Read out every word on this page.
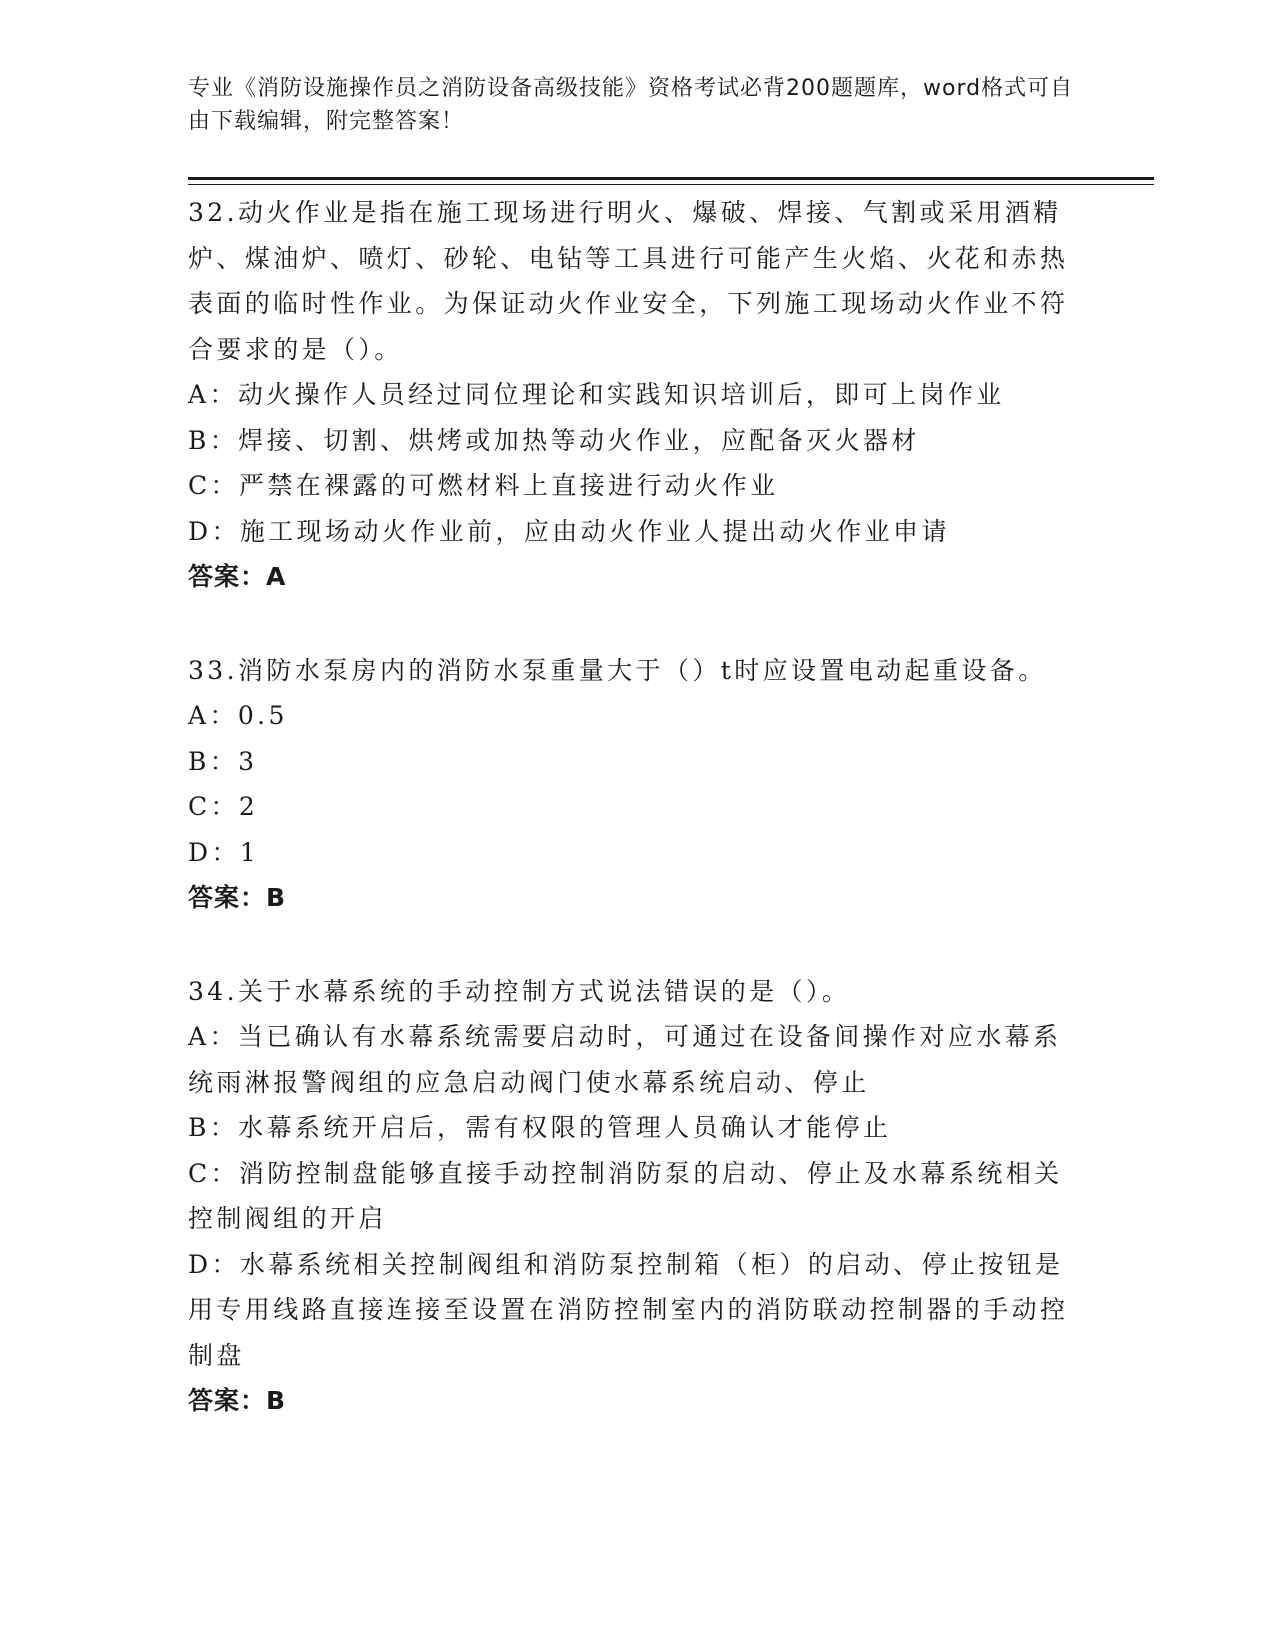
专业《消防设施操作员之消防设备高级技能》资格考试必背200题题库，word格式可自由下载编辑，附完整答案！
32.动火作业是指在施工现场进行明火、爆破、焊接、气割或采用酒精炉、煤油炉、喷灯、砂轮、电钻等工具进行可能产生火焰、火花和赤热表面的临时性作业。为保证动火作业安全，下列施工现场动火作业不符合要求的是（）。
A：动火操作人员经过同位理论和实践知识培训后，即可上岗作业
B：焊接、切割、烘烤或加热等动火作业，应配备灭火器材
C：严禁在裸露的可燃材料上直接进行动火作业
D：施工现场动火作业前，应由动火作业人提出动火作业申请
答案：A
33.消防水泵房内的消防水泵重量大于（）t时应设置电动起重设备。
A：0.5
B：3
C：2
D：1
答案：B
34.关于水幕系统的手动控制方式说法错误的是（）。
A：当已确认有水幕系统需要启动时，可通过在设备间操作对应水幕系统雨淋报警阀组的应急启动阀门使水幕系统启动、停止
B：水幕系统开启后，需有权限的管理人员确认才能停止
C：消防控制盘能够直接手动控制消防泵的启动、停止及水幕系统相关控制阀组的开启
D：水幕系统相关控制阀组和消防泵控制箱（柜）的启动、停止按钮是用专用线路直接连接至设置在消防控制室内的消防联动控制器的手动控制盘
答案：B
